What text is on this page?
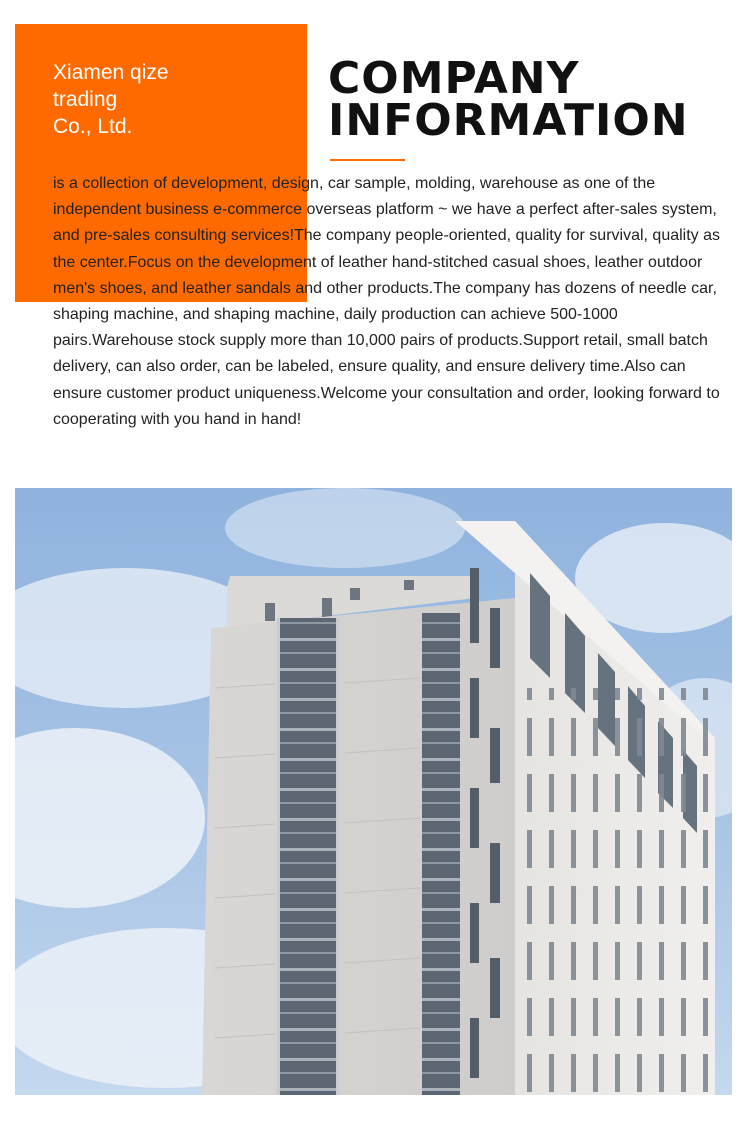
Xiamen qize
trading
Co., Ltd.
COMPANY
INFORMATION

is a collection of development, design, car sample, molding, warehouse as one of the independent business e-commerce overseas platform ~ we have a perfect after-sales system, and pre-sales consulting services!The company people-oriented, quality for survival, quality as the center.Focus on the development of leather hand-stitched casual shoes, leather outdoor men's shoes, and leather sandals and other products.The company has dozens of needle car, shaping machine, and shaping machine, daily production can achieve 500-1000 pairs.Warehouse stock supply more than 10,000 pairs of products.Support retail, small batch delivery, can also order, can be labeled, ensure quality, and ensure delivery time.Also can ensure customer product uniqueness.Welcome your consultation and order, looking forward to cooperating with you hand in hand!
